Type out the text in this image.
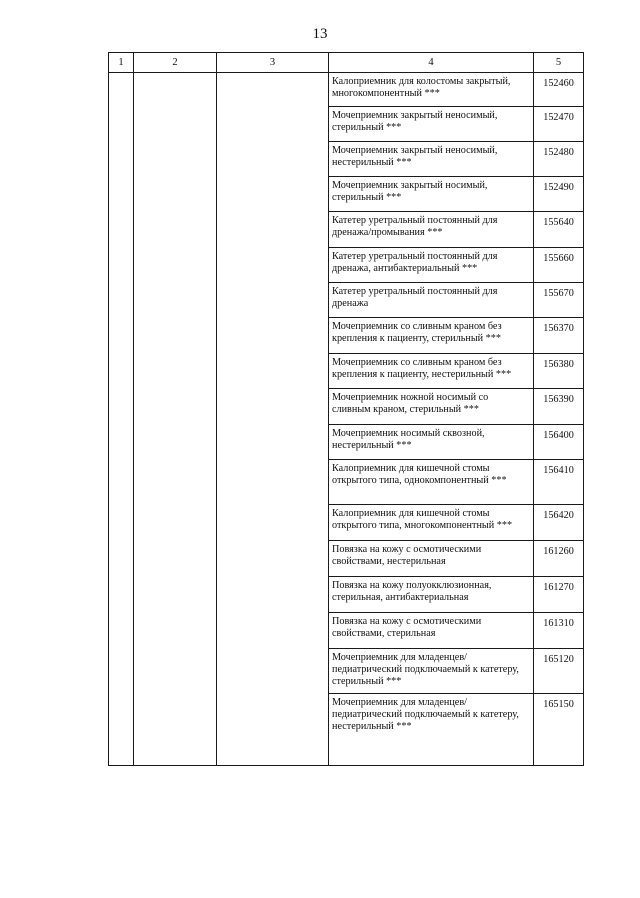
13
1	2	3	4	5
			Калоприемник для колостомы закрытый, многокомпонентный ***	152460
			Мочеприемник закрытый неносимый, стерильный ***	152470
			Мочеприемник закрытый неносимый, нестерильный ***	152480
			Мочеприемник закрытый носимый, стерильный ***	152490
			Катетер уретральный постоянный для дренажа/промывания ***	155640
			Катетер уретральный постоянный для дренажа, антибактериальный ***	155660
			Катетер уретральный постоянный для дренажа	155670
			Мочеприемник со сливным краном без крепления к пациенту, стерильный ***	156370
			Мочеприемник со сливным краном без крепления к пациенту, нестерильный ***	156380
			Мочеприемник ножной носимый со сливным краном, стерильный ***	156390
			Мочеприемник носимый сквозной, нестерильный ***	156400
			Калоприемник для кишечной стомы открытого типа, однокомпонентный ***	156410
			Калоприемник для кишечной стомы открытого типа, многокомпонентный ***	156420
			Повязка на кожу с осмотическими свойствами, нестерильная	161260
			Повязка на кожу полуокклюзионная, стерильная, антибактериальная	161270
			Повязка на кожу с осмотическими свойствами, стерильная	161310
			Мочеприемник для младенцев/педиатрический подключаемый к катетеру, стерильный ***	165120
			Мочеприемник для младенцев/педиатрический подключаемый к катетеру, нестерильный ***	165150
